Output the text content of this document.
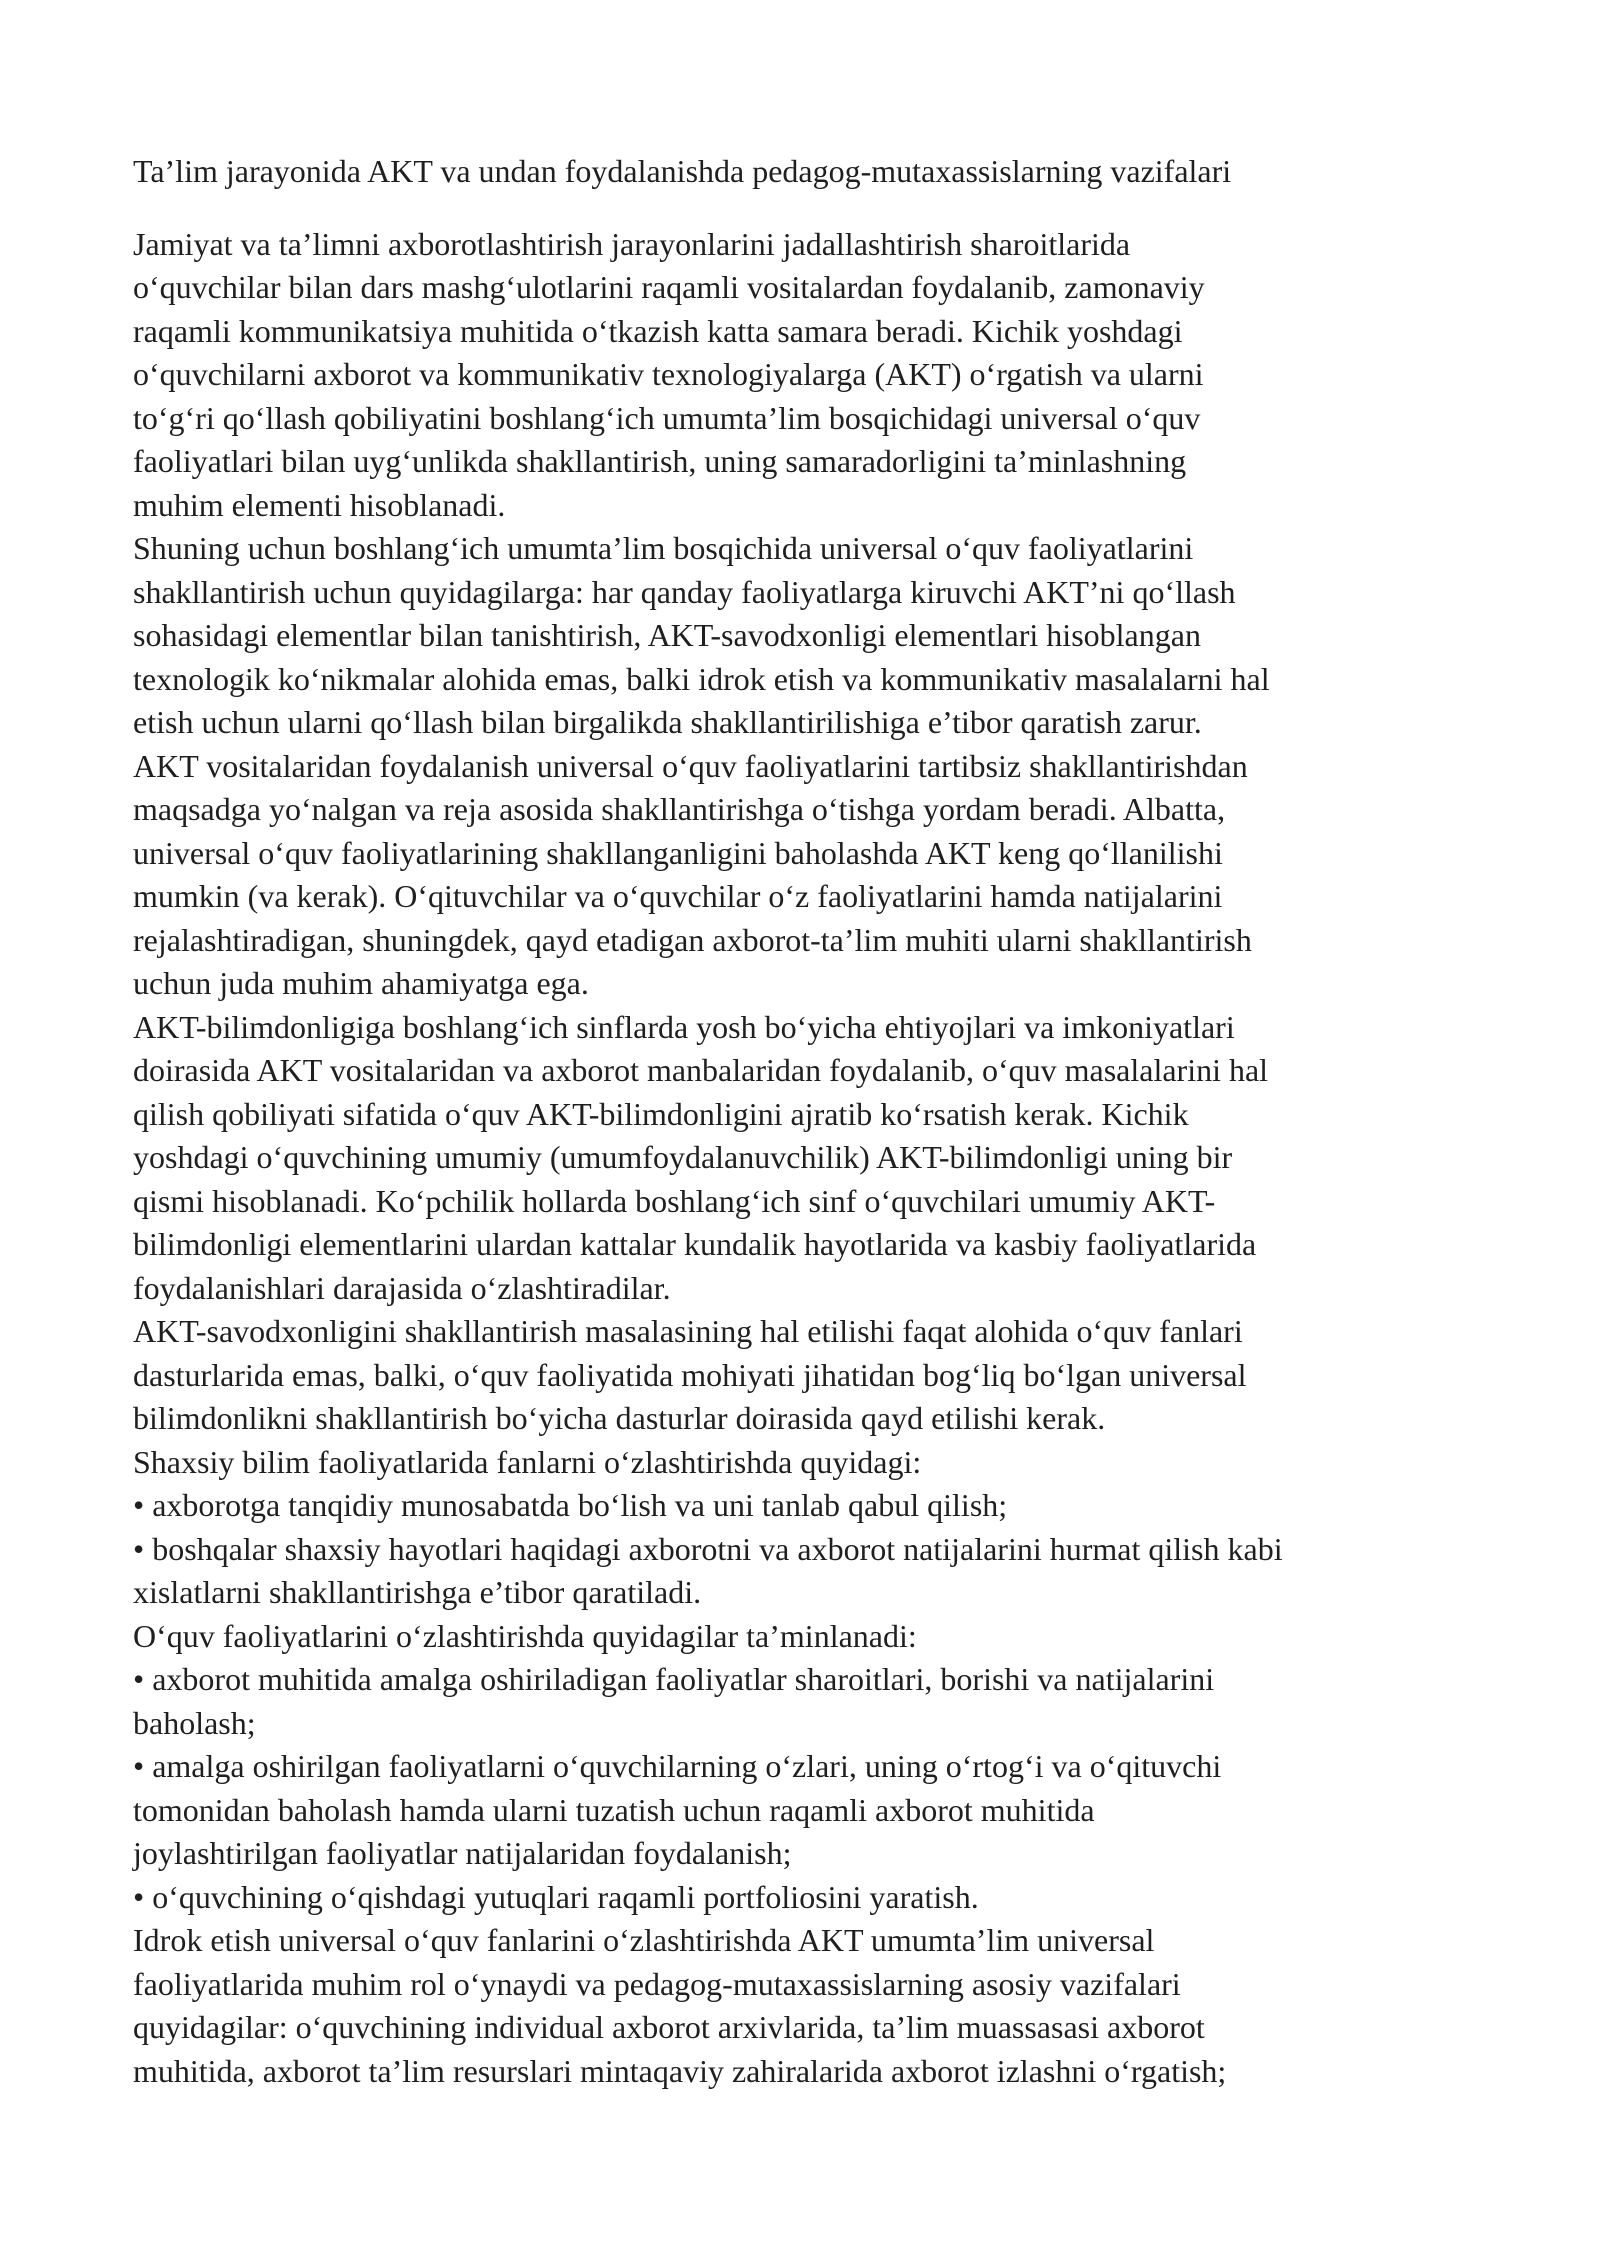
Ta’lim jarayonida AKT va undan foydalanishda pedagog-mutaxassislarning vazifalari
Jamiyat va ta’limni axborotlashtirish jarayonlarini jadallashtirish sharoitlarida
o‘quvchilar bilan dars mashg‘ulotlarini raqamli vositalardan foydalanib, zamonaviy
raqamli kommunikatsiya muhitida o‘tkazish katta samara beradi. Kichik yoshdagi
o‘quvchilarni axborot va kommunikativ texnologiyalarga (AKT) o‘rgatish va ularni
to‘g‘ri qo‘llash qobiliyatini boshlang‘ich umumta’lim bosqichidagi universal o‘quv
faoliyatlari bilan uyg‘unlikda shakllantirish, uning samaradorligini ta’minlashning
muhim elementi hisoblanadi.
Shuning uchun boshlang‘ich umumta’lim bosqichida universal o‘quv faoliyatlarini
shakllantirish uchun quyidagilarga: har qanday faoliyatlarga kiruvchi AKT’ni qo‘llash
sohasidagi elementlar bilan tanishtirish, AKT-savodxonligi elementlari hisoblangan
texnologik ko‘nikmalar alohida emas, balki idrok etish va kommunikativ masalalarni hal
etish uchun ularni qo‘llash bilan birgalikda shakllantirilishiga e’tibor qaratish zarur.
AKT vositalaridan foydalanish universal o‘quv faoliyatlarini tartibsiz shakllantirishdan
maqsadga yo‘nalgan va reja asosida shakllantirishga o‘tishga yordam beradi. Albatta,
universal o‘quv faoliyatlarining shakllanganligini baholashda AKT keng qo‘llanilishi
mumkin (va kerak). O‘qituvchilar va o‘quvchilar o‘z faoliyatlarini hamda natijalarini
rejalashtiradigan, shuningdek, qayd etadigan axborot-ta’lim muhiti ularni shakllantirish
uchun juda muhim ahamiyatga ega.
AKT-bilimdonligiga boshlang‘ich sinflarda yosh bo‘yicha ehtiyojlari va imkoniyatlari
doirasida AKT vositalaridan va axborot manbalaridan foydalanib, o‘quv masalalarini hal
qilish qobiliyati sifatida o‘quv AKT-bilimdonligini ajratib ko‘rsatish kerak. Kichik
yoshdagi o‘quvchining umumiy (umumfoydalanuvchilik) AKT-bilimdonligi uning bir
qismi hisoblanadi. Ko‘pchilik hollarda boshlang‘ich sinf o‘quvchilari umumiy AKT-
bilimdonligi elementlarini ulardan kattalar kundalik hayotlarida va kasbiy faoliyatlarida
foydalanishlari darajasida o‘zlashtiradilar.
AKT-savodxonligini shakllantirish masalasining hal etilishi faqat alohida o‘quv fanlari
dasturlarida emas, balki, o‘quv faoliyatida mohiyati jihatidan bog‘liq bo‘lgan universal
bilimdonlikni shakllantirish bo‘yicha dasturlar doirasida qayd etilishi kerak.
Shaxsiy bilim faoliyatlarida fanlarni o‘zlashtirishda quyidagi:
• axborotga tanqidiy munosabatda bo‘lish va uni tanlab qabul qilish;
• boshqalar shaxsiy hayotlari haqidagi axborotni va axborot natijalarini hurmat qilish kabi
xislatlarni shakllantirishga e’tibor qaratiladi.
O‘quv faoliyatlarini o‘zlashtirishda quyidagilar ta’minlanadi:
• axborot muhitida amalga oshiriladigan faoliyatlar sharoitlari, borishi va natijalarini
baholash;
• amalga oshirilgan faoliyatlarni o‘quvchilarning o‘zlari, uning o‘rtog‘i va o‘qituvchi
tomonidan baholash hamda ularni tuzatish uchun raqamli axborot muhitida
joylashtirilgan faoliyatlar natijalaridan foydalanish;
• o‘quvchining o‘qishdagi yutuqlari raqamli portfoliosini yaratish.
Idrok etish universal o‘quv fanlarini o‘zlashtirishda AKT umumta’lim universal
faoliyatlarida muhim rol o‘ynaydi va pedagog-mutaxassislarning asosiy vazifalari
quyidagilar: o‘quvchining individual axborot arxivlarida, ta’lim muassasasi axborot
muhitida, axborot ta’lim resurslari mintaqaviy zahiralarida axborot izlashni o‘rgatish;
